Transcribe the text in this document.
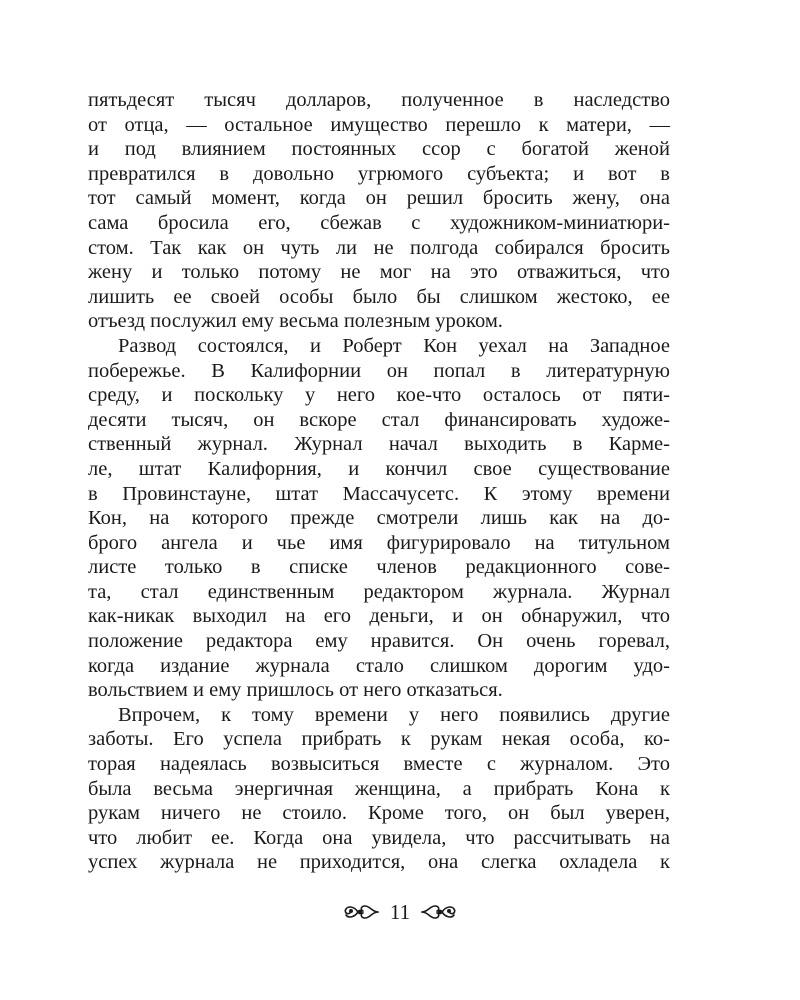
пятьдесят тысяч долларов, полученное в наследство
от отца, — остальное имущество перешло к матери, —
и под влиянием постоянных ссор с богатой женой
превратился в довольно угрюмого субъекта; и вот в
тот самый момент, когда он решил бросить жену, она
сама бросила его, сбежав с художником-миниатюри-
стом. Так как он чуть ли не полгода собирался бросить
жену и только потому не мог на это отважиться, что
лишить ее своей особы было бы слишком жестоко, ее
отъезд послужил ему весьма полезным уроком.
Развод состоялся, и Роберт Кон уехал на Западное
побережье. В Калифорнии он попал в литературную
среду, и поскольку у него кое-что осталось от пяти-
десяти тысяч, он вскоре стал финансировать художе-
ственный журнал. Журнал начал выходить в Карме-
ле, штат Калифорния, и кончил свое существование
в Провинстауне, штат Массачусетс. К этому времени
Кон, на которого прежде смотрели лишь как на до-
брого ангела и чье имя фигурировало на титульном
листе только в списке членов редакционного сове-
та, стал единственным редактором журнала. Журнал
как-никак выходил на его деньги, и он обнаружил, что
положение редактора ему нравится. Он очень горевал,
когда издание журнала стало слишком дорогим удо-
вольствием и ему пришлось от него отказаться.
Впрочем, к тому времени у него появились другие
заботы. Его успела прибрать к рукам некая особа, ко-
торая надеялась возвыситься вместе с журналом. Это
была весьма энергичная женщина, а прибрать Кона к
рукам ничего не стоило. Кроме того, он был уверен,
что любит ее. Когда она увидела, что рассчитывать на
успех журнала не приходится, она слегка охладела к
11
